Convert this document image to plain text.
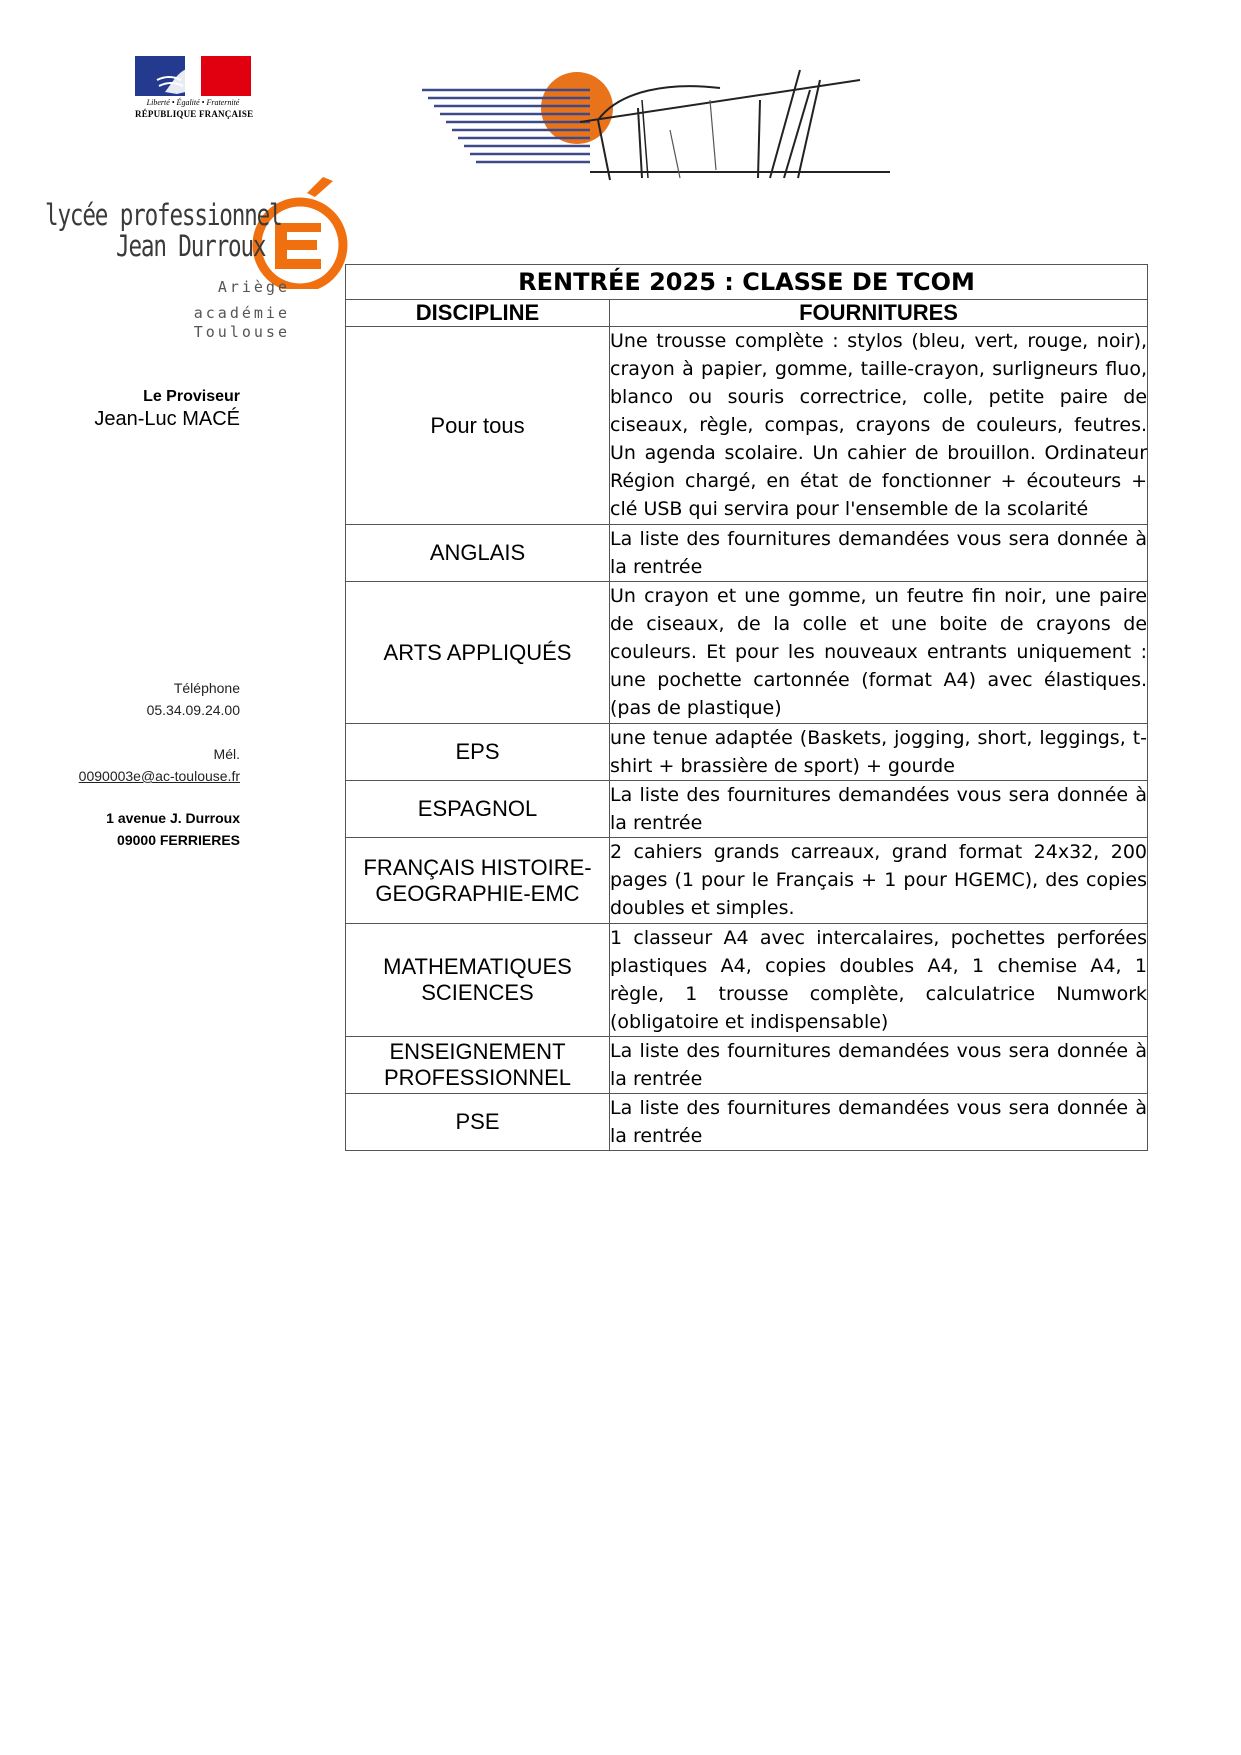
Liberté • Égalité • Fraternité
RÉPUBLIQUE FRANÇAISE
lycée professionnel
Jean Durroux
Ariège
académie
Toulouse
Le Proviseur
Jean-Luc MACÉ
Téléphone
05.34.09.24.00
Mél.
0090003e@ac-toulouse.fr
1 avenue J. Durroux
09000 FERRIERES
RENTRÉE 2025 : CLASSE DE TCOM	
DISCIPLINE	FOURNITURES
Pour tous	Une trousse complète : stylos (bleu, vert, rouge, noir), crayon à papier, gomme, taille-crayon, surligneurs fluo, blanco ou souris correctrice, colle, petite paire de ciseaux, règle, compas, crayons de couleurs, feutres. Un agenda scolaire. Un cahier de brouillon. Ordinateur Région chargé, en état de fonctionner + écouteurs + clé USB qui servira pour l'ensemble de la scolarité
ANGLAIS	La liste des fournitures demandées vous sera donnée à la rentrée
ARTS APPLIQUÉS	Un crayon et une gomme, un feutre fin noir, une paire de ciseaux, de la colle et une boite de crayons de couleurs. Et pour les nouveaux entrants uniquement : une pochette cartonnée (format A4) avec élastiques. (pas de plastique)
EPS	une tenue adaptée (Baskets, jogging, short, leggings, t-shirt + brassière de sport) + gourde
ESPAGNOL	La liste des fournitures demandées vous sera donnée à la rentrée
FRANÇAIS HISTOIRE-GEOGRAPHIE-EMC	2 cahiers grands carreaux, grand format 24x32, 200 pages (1 pour le Français + 1 pour HGEMC), des copies doubles et simples.
MATHEMATIQUES SCIENCES	1 classeur A4 avec intercalaires, pochettes perforées plastiques A4, copies doubles A4, 1 chemise A4, 1 règle, 1 trousse complète, calculatrice Numwork (obligatoire et indispensable)
ENSEIGNEMENT PROFESSIONNEL	La liste des fournitures demandées vous sera donnée à la rentrée
PSE	La liste des fournitures demandées vous sera donnée à la rentrée
